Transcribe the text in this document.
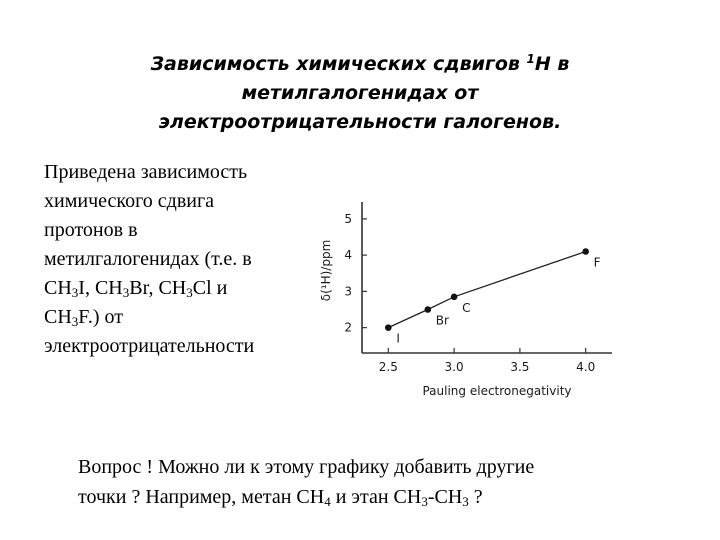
Зависимость химических сдвигов $^1$H в
метилгалогенидах от
электроотрицательности галогенов.
Приведена зависимость
химического сдвига
протонов в
метилгалогенидах (т.е. в
$CH_3I$, $CH_3Br$, $CH_3Cl$ и
$CH_3F$.) от
электроотрицательности
2
3
4
5
2.5	3.0	3.5	4.0
Pauling electronegativity
δ(¹H)/ppm
I
Br
C
F
Вопрос ! Можно ли к этому графику добавить другие
точки ? Например, метан $CH_4$ и этан $CH_3-CH_3$ ?
